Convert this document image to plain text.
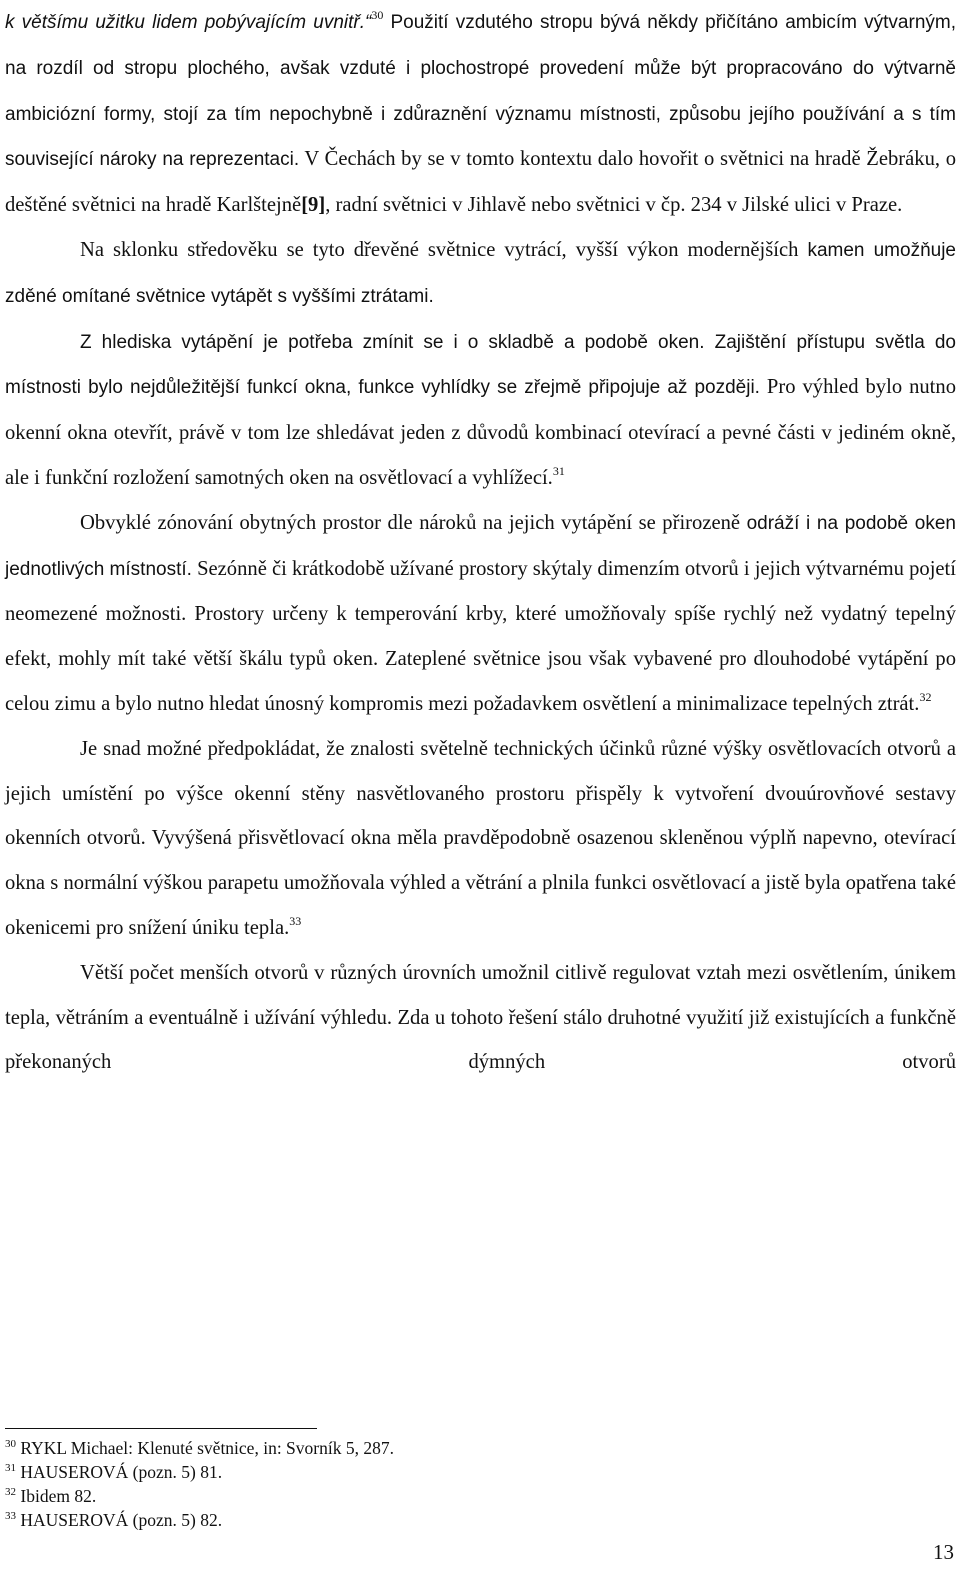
k většímu užitku lidem pobývajícím uvnitř.“$^{30}$ Použití vzdutého stropu bývá někdy přičítáno ambicím výtvarným, na rozdíl od stropu plochého, avšak vzduté i plochostropé provedení může být propracováno do výtvarně ambiciózní formy, stojí za tím nepochybně i zdůraznění významu místnosti, způsobu jejího používání a s tím související nároky na reprezentaci. V Čechách by se v tomto kontextu dalo hovořit o světnici na hradě Žebráku, o deštěné světnici na hradě Karlštejně[9], radní světnici v Jihlavě nebo světnici v čp. 234 v Jilské ulici v Praze.

Na sklonku středověku se tyto dřevěné světnice vytrácí, vyšší výkon modernějších kamen umožňuje zděné omítané světnice vytápět s vyššími ztrátami.

Z hlediska vytápění je potřeba zmínit se i o skladbě a podobě oken. Zajištění přístupu světla do místnosti bylo nejdůležitější funkcí okna, funkce vyhlídky se zřejmě připojuje až později. Pro výhled bylo nutno okenní okna otevřít, právě v tom lze shledávat jeden z důvodů kombinací otevírací a pevné části v jediném okně, ale i funkční rozložení samotných oken na osvětlovací a vyhlížecí.$^{31}$

Obvyklé zónování obytných prostor dle nároků na jejich vytápění se přirozeně odráží i na podobě oken jednotlivých místností. Sezónně či krátkodobě užívané prostory skýtaly dimenzím otvorů i jejich výtvarnému pojetí neomezené možnosti. Prostory určeny k temperování krby, které umožňovaly spíše rychlý než vydatný tepelný efekt, mohly mít také větší škálu typů oken. Zateplené světnice jsou však vybavené pro dlouhodobé vytápění po celou zimu a bylo nutno hledat únosný kompromis mezi požadavkem osvětlení a minimalizace tepelných ztrát.$^{32}$

Je snad možné předpokládat, že znalosti světelně technických účinků různé výšky osvětlovacích otvorů a jejich umístění po výšce okenní stěny nasvětlovaného prostoru přispěly k vytvoření dvouúrovňové sestavy okenních otvorů. Vyvýšená přisvětlovací okna měla pravděpodobně osazenou skleněnou výplň napevno, otevírací okna s normální výškou parapetu umožňovala výhled a větrání a plnila funkci osvětlovací a jistě byla opatřena také okenicemi pro snížení úniku tepla.$^{33}$

Větší počet menších otvorů v různých úrovních umožnil citlivě regulovat vztah mezi osvětlením, únikem tepla, větráním a eventuálně i užívání výhledu. Zda u tohoto řešení stálo druhotné využití již existujících a funkčně překonaných dýmných otvorů

$^{30}$ RYKL Michael: Klenuté světnice, in: Svorník 5, 287.
$^{31}$ HAUSEROVÁ (pozn. 5) 81.
$^{32}$ Ibidem 82.
$^{33}$ HAUSEROVÁ (pozn. 5) 82.
13
